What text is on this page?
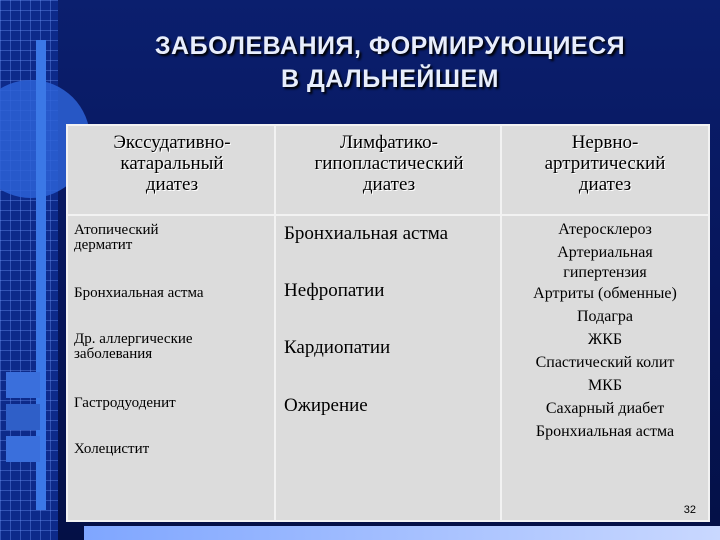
ЗАБОЛЕВАНИЯ, ФОРМИРУЮЩИЕСЯ
В ДАЛЬНЕЙШЕМ
Экссудативно-
катаральный
диатез
Атопический
дерматит
Бронхиальная астма
Др. аллергические
заболевания
Гастродуоденит
Холецистит
Лимфатико-
гипопластический
диатез
Бронхиальная астма
Нефропатии
Кардиопатии
Ожирение
Нервно-
артритический
диатез
Атеросклероз
Артериальная
гипертензия
Артриты (обменные)
Подагра
ЖКБ
Спастический колит
МКБ
Сахарный диабет
Бронхиальная астма
32
